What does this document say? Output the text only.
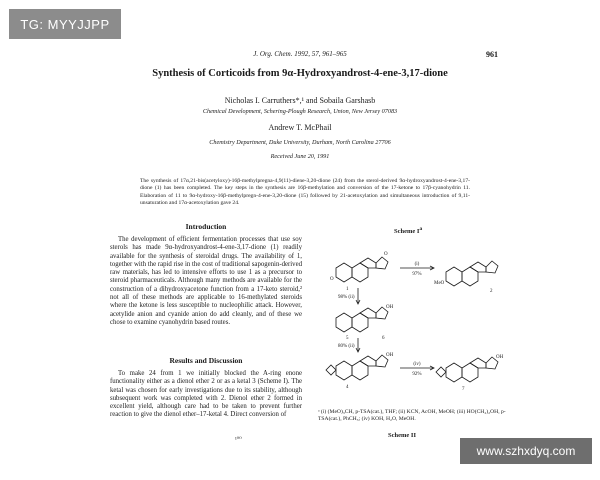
TG: MYYJJPP
J. Org. Chem. 1992, 57, 961–965	961
Synthesis of Corticoids from 9α-Hydroxyandrost-4-ene-3,17-dione
Nicholas I. Carruthers*,¹ and Sobaila Garshasb
Chemical Development, Schering-Plough Research, Union, New Jersey 07083
Andrew T. McPhail
Chemistry Department, Duke University, Durham, North Carolina 27706
Received June 20, 1991
The synthesis of 17α,21-bis(acetyloxy)-16β-methylpregna-4,9(11)-diene-3,20-dione (24) from the sterol-derived 9α-hydroxyandrost-4-ene-3,17-dione (1) has been completed. The key steps in the synthesis are 16β-methylation and conversion of the 17-ketone to 17β-cyanohydrin 11. Elaboration of 11 to 9α-hydroxy-16β-methylpregn-4-ene-3,20-dione (15) followed by 21-acetoxylation and simultaneous introduction of 9,11-unsaturation and 17α-acetoxylation gave 24.
Introduction
The development of efficient fermentation processes that use soy sterols has made 9α-hydroxyandrost-4-ene-3,17-dione (1) readily available for the synthesis of steroidal drugs. The availability of 1, together with the rapid rise in the cost of traditional sapogenin-derived raw materials, has led to intensive efforts to use 1 as a precursor to steroid pharmaceuticals. Although many methods are available for the construction of a dihydroxyacetone function from a 17-keto steroid,² not all of these methods are applicable to 16-methylated steroids where the ketone is less susceptible to nucleophilic attack. However, acetylide anion and cyanide anion do add cleanly, and of these we chose to examine cyanohydrin based routes.
Results and Discussion
To make 24 from 1 we initially blocked the A-ring enone functionality either as a dienol ether 2 or as a ketal 3 (Scheme I). The ketal was chosen for early investigations due to its stability, although subsequent work was completed with 2. Dienol ether 2 formed in excellent yield, although care had to be taken to prevent further reaction to give the dienol ether–17-ketal 4. Direct conversion of
¹⁰⁰
Scheme $I^a$
(i)
97%
98% (ii)
80% (ii)
(iv)
92%
MeO
O
O
OH
OH	OH
1	2
5	6
4	7
ᵃ (i) (MeO)₃CH, p-TSA(cat.), THF; (ii) KCN, AcOH, MeOH; (iii) HO(CH₂)₂OH, p-TSA(cat.), PhCH₃; (iv) KOH, H₂O, MeOH.
Scheme II
www.szhxdyq.com
